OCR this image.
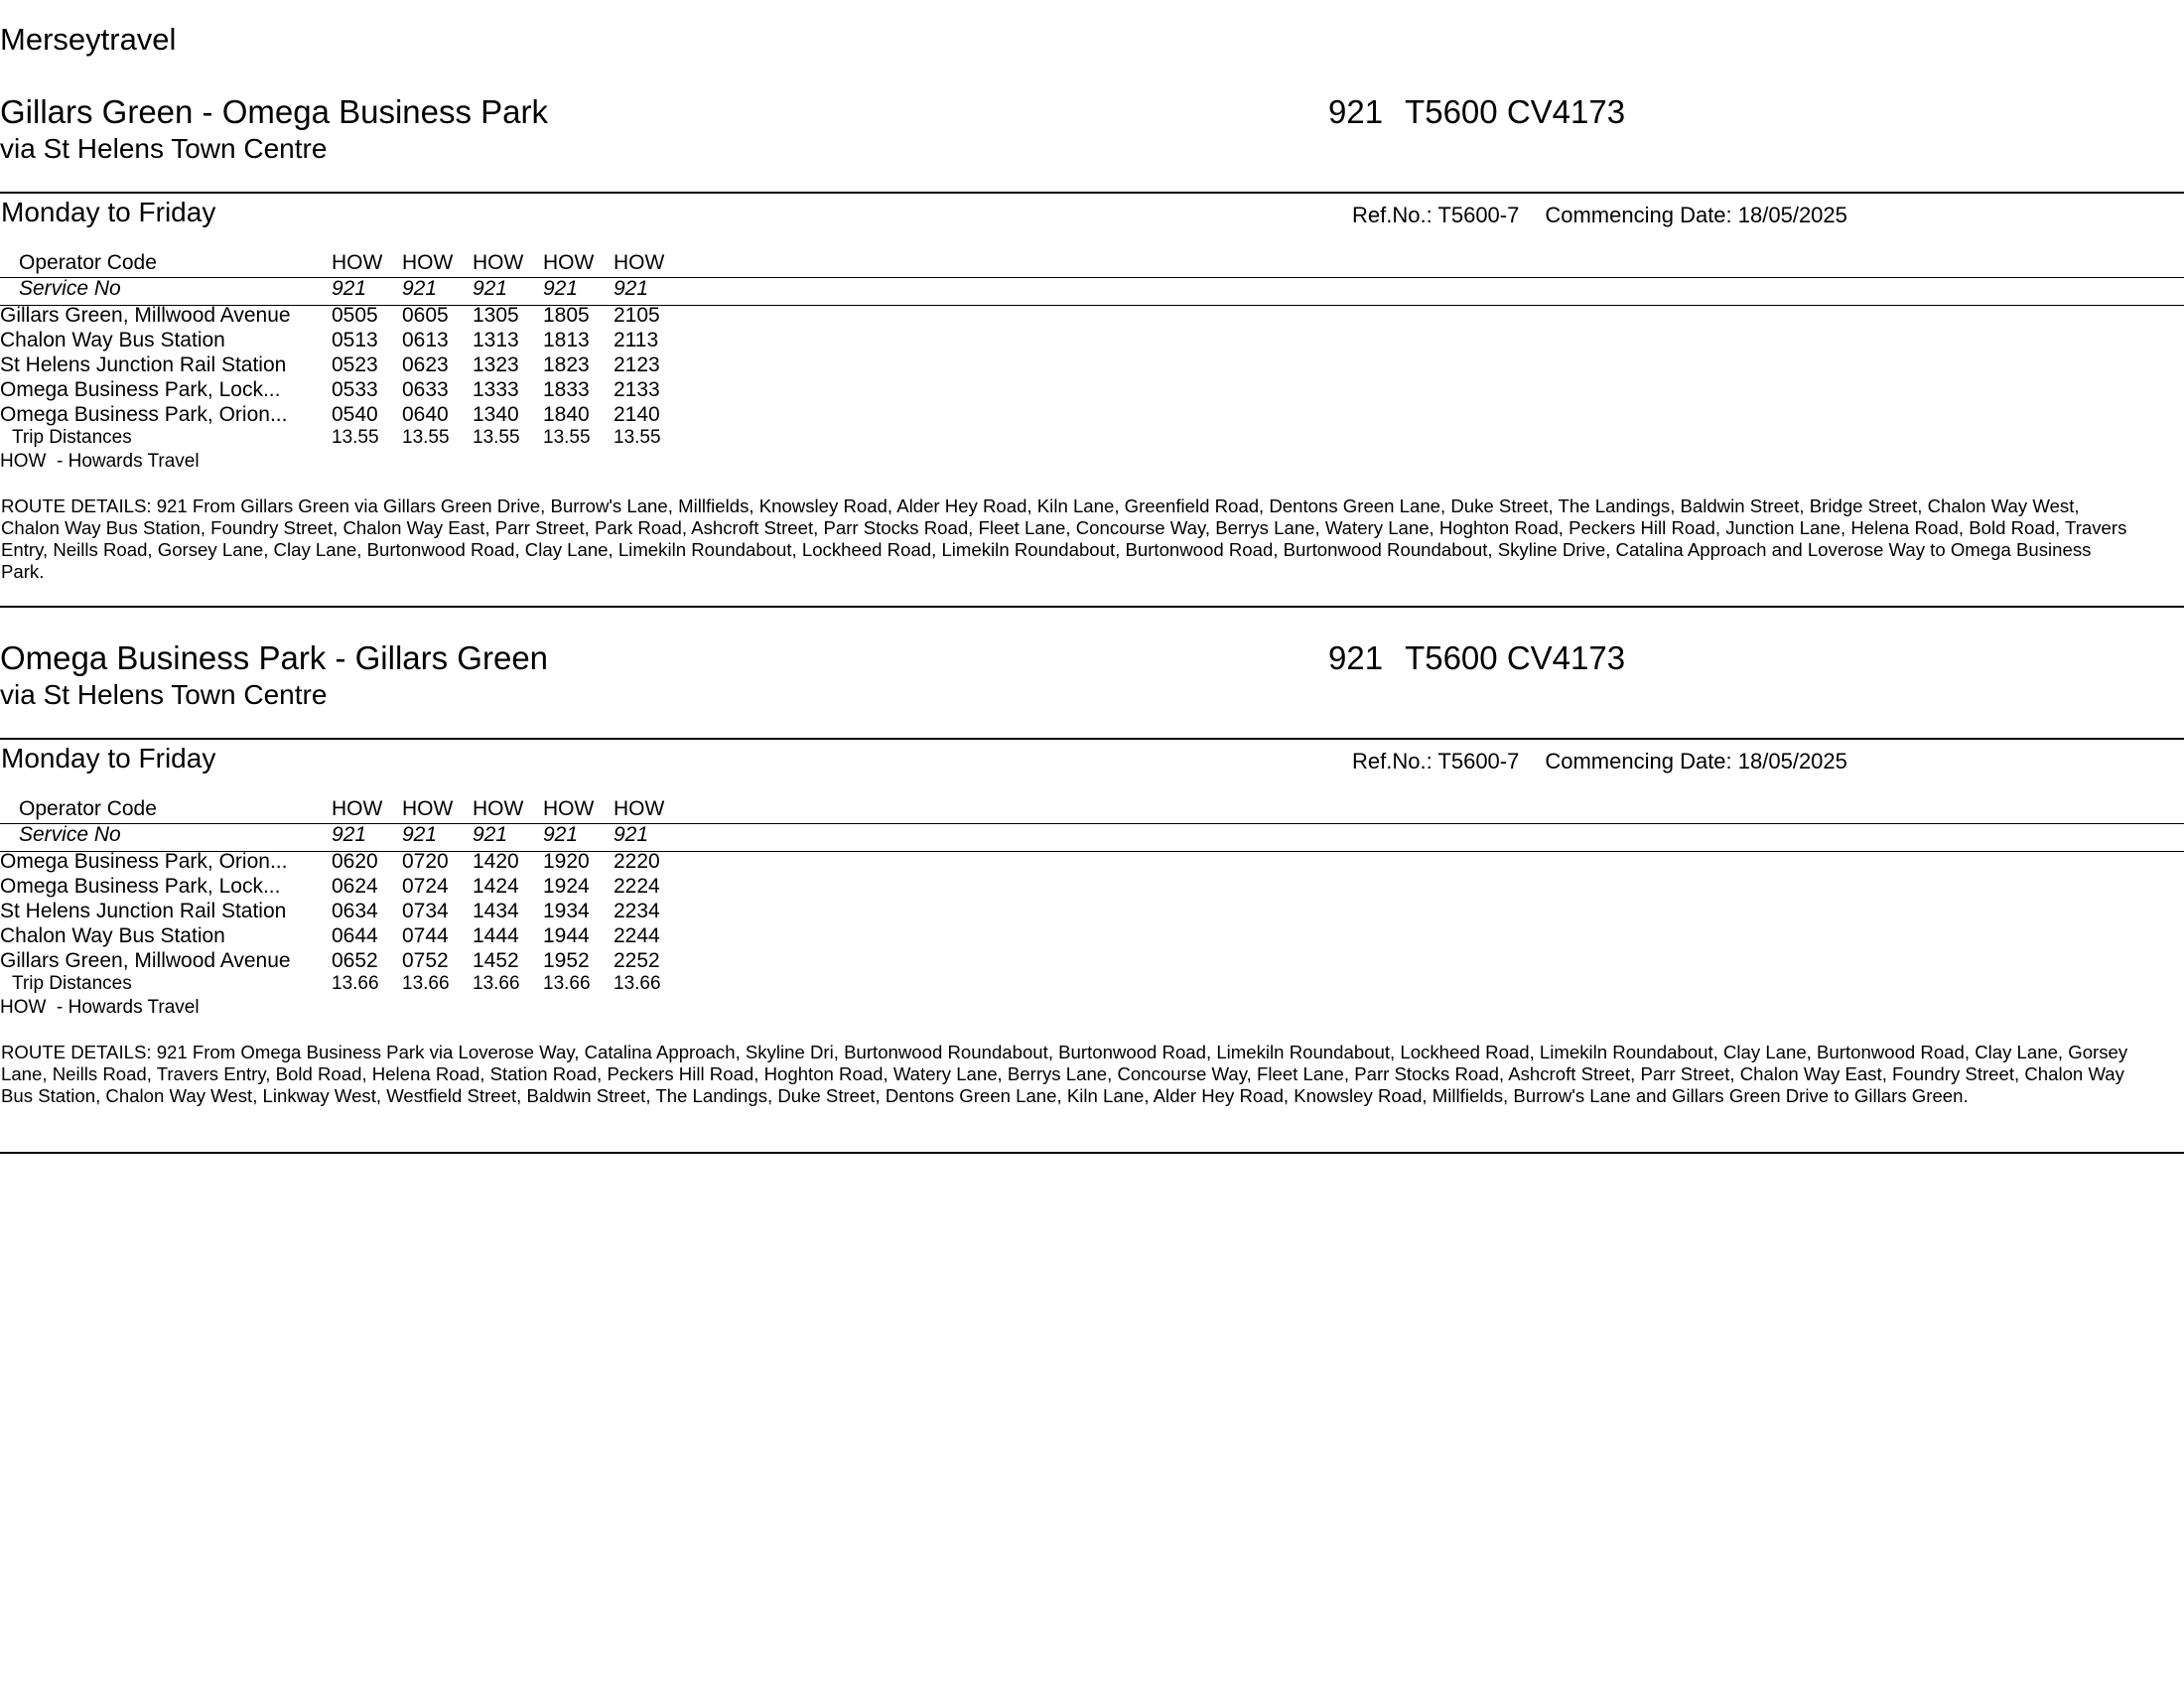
Merseytravel
Gillars Green - Omega Business Park
via St Helens Town Centre
921 T5600 CV4173
Monday to Friday	Ref.No.: T5600-7 Commencing Date: 18/05/2025
Operator Code	HOW	HOW	HOW	HOW	HOW
Service No	921	921	921	921	921
Gillars Green, Millwood Avenue	0505	0605	1305	1805	2105
Chalon Way Bus Station	0513	0613	1313	1813	2113
St Helens Junction Rail Station	0523	0623	1323	1823	2123
Omega Business Park, Lock...	0533	0633	1333	1833	2133
Omega Business Park, Orion...	0540	0640	1340	1840	2140
Trip Distances	13.55	13.55	13.55	13.55	13.55
HOW  - Howards Travel
ROUTE DETAILS: 921 From Gillars Green via Gillars Green Drive, Burrow's Lane, Millfields, Knowsley Road, Alder Hey Road, Kiln Lane, Greenfield Road, Dentons Green Lane, Duke Street, The Landings, Baldwin Street, Bridge Street, Chalon Way West, Chalon Way Bus Station, Foundry Street, Chalon Way East, Parr Street, Park Road, Ashcroft Street, Parr Stocks Road, Fleet Lane, Concourse Way, Berrys Lane, Watery Lane, Hoghton Road, Peckers Hill Road, Junction Lane, Helena Road, Bold Road, Travers Entry, Neills Road, Gorsey Lane, Clay Lane, Burtonwood Road, Clay Lane, Limekiln Roundabout, Lockheed Road, Limekiln Roundabout, Burtonwood Road, Burtonwood Roundabout, Skyline Drive, Catalina Approach and Loverose Way to Omega Business Park.
Omega Business Park - Gillars Green
via St Helens Town Centre
921 T5600 CV4173
Monday to Friday	Ref.No.: T5600-7 Commencing Date: 18/05/2025
Operator Code	HOW	HOW	HOW	HOW	HOW
Service No	921	921	921	921	921
Omega Business Park, Orion...	0620	0720	1420	1920	2220
Omega Business Park, Lock...	0624	0724	1424	1924	2224
St Helens Junction Rail Station	0634	0734	1434	1934	2234
Chalon Way Bus Station	0644	0744	1444	1944	2244
Gillars Green, Millwood Avenue	0652	0752	1452	1952	2252
Trip Distances	13.66	13.66	13.66	13.66	13.66
HOW  - Howards Travel
ROUTE DETAILS: 921 From Omega Business Park via Loverose Way, Catalina Approach, Skyline Dri, Burtonwood Roundabout, Burtonwood Road, Limekiln Roundabout, Lockheed Road, Limekiln Roundabout, Clay Lane, Burtonwood Road, Clay Lane, Gorsey Lane, Neills Road, Travers Entry, Bold Road, Helena Road, Station Road, Peckers Hill Road, Hoghton Road, Watery Lane, Berrys Lane, Concourse Way, Fleet Lane, Parr Stocks Road, Ashcroft Street, Parr Street, Chalon Way East, Foundry Street, Chalon Way Bus Station, Chalon Way West, Linkway West, Westfield Street, Baldwin Street, The Landings, Duke Street, Dentons Green Lane, Kiln Lane, Alder Hey Road, Knowsley Road, Millfields, Burrow's Lane and Gillars Green Drive to Gillars Green.
